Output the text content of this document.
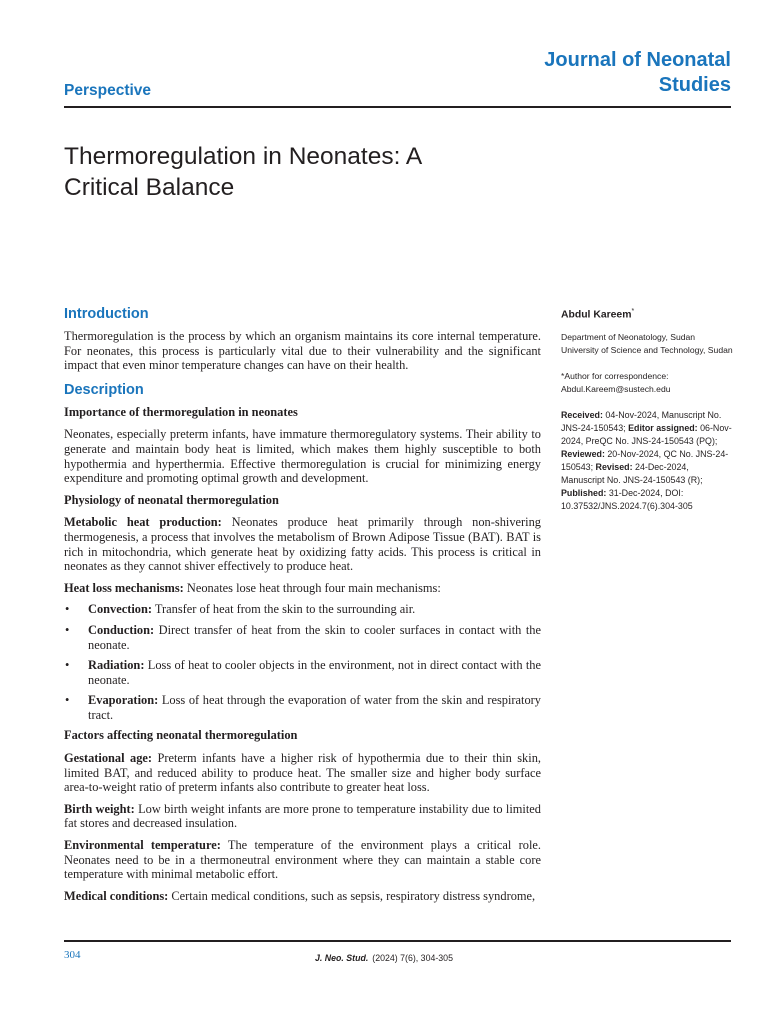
Journal of Neonatal
Studies
Perspective
Thermoregulation in Neonates: A
Critical Balance
Introduction

Thermoregulation is the process by which an organism maintains its core internal temperature. For neonates, this process is particularly vital due to their vulnerability and the significant impact that even minor temperature changes can have on their health.

Description

Importance of thermoregulation in neonates

Neonates, especially preterm infants, have immature thermoregulatory systems. Their ability to generate and maintain body heat is limited, which makes them highly susceptible to both hypothermia and hyperthermia. Effective thermoregulation is crucial for minimizing energy expenditure and promoting optimal growth and development.

Physiology of neonatal thermoregulation

Metabolic heat production: Neonates produce heat primarily through non-shivering thermogenesis, a process that involves the metabolism of Brown Adipose Tissue (BAT). BAT is rich in mitochondria, which generate heat by oxidizing fatty acids. This process is critical in neonates as they cannot shiver effectively to produce heat.

Heat loss mechanisms: Neonates lose heat through four main mechanisms:

• Convection: Transfer of heat from the skin to the surrounding air.
• Conduction: Direct transfer of heat from the skin to cooler surfaces in contact with the neonate.
• Radiation: Loss of heat to cooler objects in the environment, not in direct contact with the neonate.
• Evaporation: Loss of heat through the evaporation of water from the skin and respiratory tract.

Factors affecting neonatal thermoregulation

Gestational age: Preterm infants have a higher risk of hypothermia due to their thin skin, limited BAT, and reduced ability to produce heat. The smaller size and higher body surface area-to-weight ratio of preterm infants also contribute to greater heat loss.

Birth weight: Low birth weight infants are more prone to temperature instability due to limited fat stores and decreased insulation.

Environmental temperature: The temperature of the environment plays a critical role. Neonates need to be in a thermoneutral environment where they can maintain a stable core temperature with minimal metabolic effort.

Medical conditions: Certain medical conditions, such as sepsis, respiratory distress syndrome,

Abdul Kareem*
Department of Neonatology, Sudan
University of Science and Technology, Sudan
*Author for correspondence:
Abdul.Kareem@sustech.edu
Received: 04-Nov-2024, Manuscript No. JNS-24-150543; Editor assigned: 06-Nov-2024, PreQC No. JNS-24-150543 (PQ); Reviewed: 20-Nov-2024, QC No. JNS-24-150543; Revised: 24-Dec-2024, Manuscript No. JNS-24-150543 (R); Published: 31-Dec-2024, DOI: 10.37532/JNS.2024.7(6).304-305
304	J. Neo. Stud. (2024) 7(6), 304-305
